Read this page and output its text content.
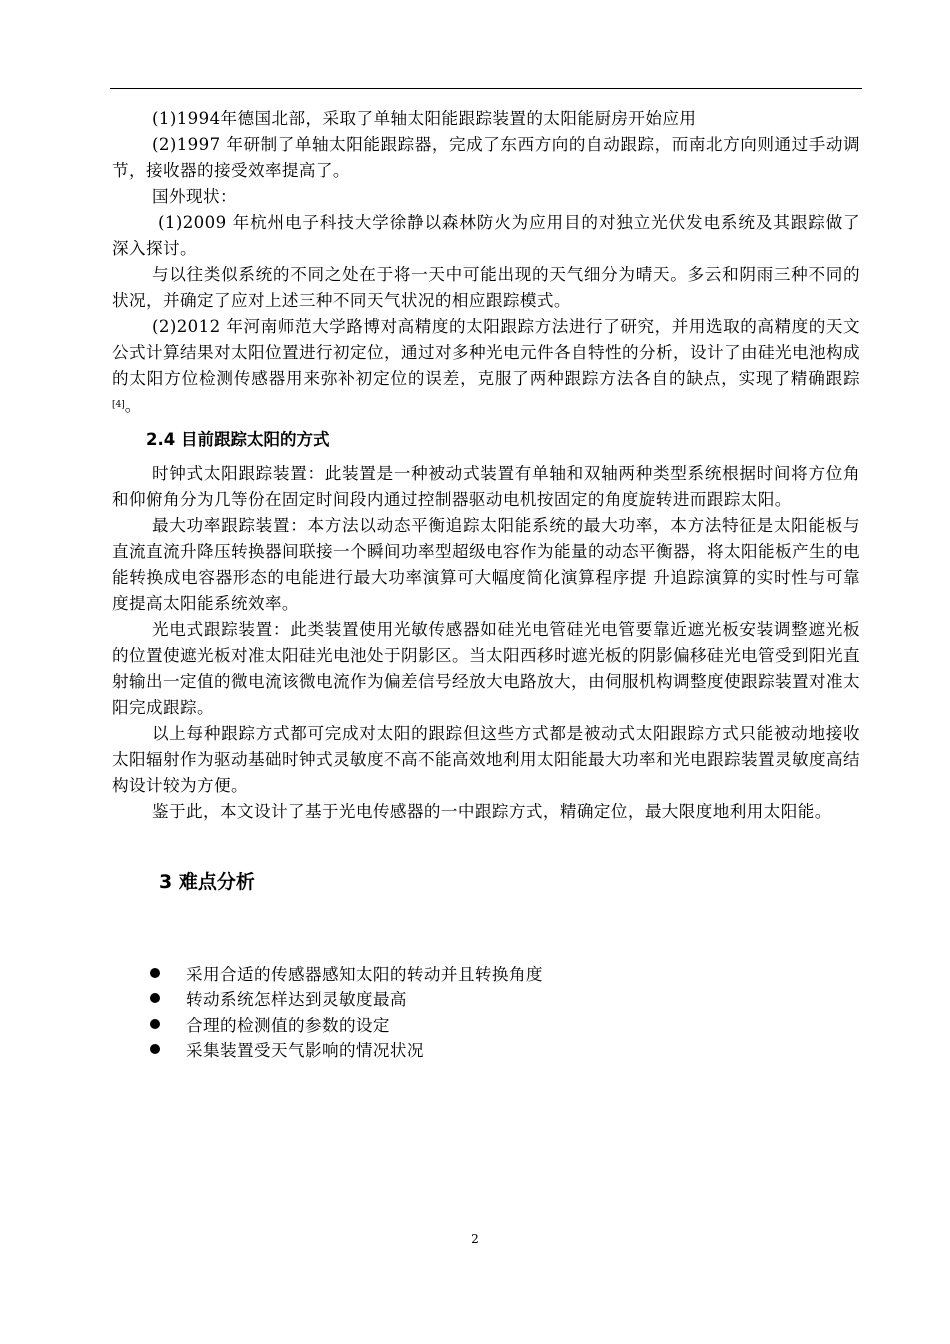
(1)1994年德国北部，采取了单轴太阳能跟踪装置的太阳能厨房开始应用

(2)1997 年研制了单轴太阳能跟踪器，完成了东西方向的自动跟踪，而南北方向则通过手动调节，接收器的接受效率提高了。

国外现状：

(1)2009 年杭州电子科技大学徐静以森林防火为应用目的对独立光伏发电系统及其跟踪做了深入探讨。

与以往类似系统的不同之处在于将一天中可能出现的天气细分为晴天。多云和阴雨三种不同的状况，并确定了应对上述三种不同天气状况的相应跟踪模式。

(2)2012 年河南师范大学路博对高精度的太阳跟踪方法进行了研究，并用选取的高精度的天文公式计算结果对太阳位置进行初定位，通过对多种光电元件各自特性的分析，设计了由硅光电池构成的太阳方位检测传感器用来弥补初定位的误差，克服了两种跟踪方法各自的缺点，实现了精确跟踪[4]。

2.4 目前跟踪太阳的方式

时钟式太阳跟踪装置：此装置是一种被动式装置有单轴和双轴两种类型系统根据时间将方位角和仰俯角分为几等份在固定时间段内通过控制器驱动电机按固定的角度旋转进而跟踪太阳。

最大功率跟踪装置：本方法以动态平衡追踪太阳能系统的最大功率，本方法特征是太阳能板与直流直流升降压转换器间联接一个瞬间功率型超级电容作为能量的动态平衡器，将太阳能板产生的电能转换成电容器形态的电能进行最大功率演算可大幅度简化演算程序提 升追踪演算的实时性与可靠度提高太阳能系统效率。

光电式跟踪装置：此类装置使用光敏传感器如硅光电管硅光电管要靠近遮光板安装调整遮光板的位置使遮光板对准太阳硅光电池处于阴影区。当太阳西移时遮光板的阴影偏移硅光电管受到阳光直射输出一定值的微电流该微电流作为偏差信号经放大电路放大，由伺服机构调整度使跟踪装置对准太阳完成跟踪。

以上每种跟踪方式都可完成对太阳的跟踪但这些方式都是被动式太阳跟踪方式只能被动地接收太阳辐射作为驱动基础时钟式灵敏度不高不能高效地利用太阳能最大功率和光电跟踪装置灵敏度高结构设计较为方便。

鉴于此，本文设计了基于光电传感器的一中跟踪方式，精确定位，最大限度地利用太阳能。

3 难点分析
采用合适的传感器感知太阳的转动并且转换角度
转动系统怎样达到灵敏度最高
合理的检测值的参数的设定
采集装置受天气影响的情况状况
2
